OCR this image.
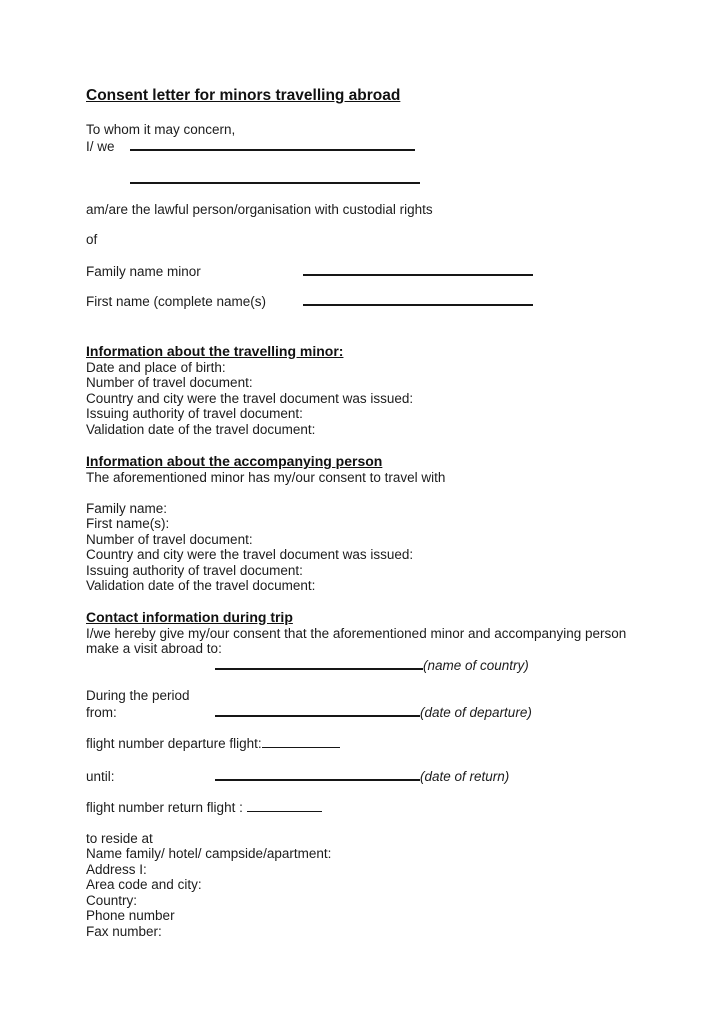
Consent letter for minors travelling abroad
To whom it may concern,
I/ we
am/are the lawful person/organisation with custodial rights
of
Family name minor
First name (complete name(s)
Information about the travelling minor:
Date and place of birth:
Number of travel document:
Country and city were the travel document was issued:
Issuing authority of travel document:
Validation date of the travel document:
Information about the accompanying person
The aforementioned minor has my/our consent to travel with
Family name:
First name(s):
Number of travel document:
Country and city were the travel document was issued:
Issuing authority of travel document:
Validation date of the travel document:
Contact information during trip
I/we hereby give my/our consent that the aforementioned minor and accompanying person make a visit abroad to:
(name of country)
During the period
from:	(date of departure)
flight number departure flight:
until:	(date of return)
flight number return flight :
to reside at
Name family/ hotel/ campside/apartment:
Address I:
Area code and city:
Country:
Phone number
Fax number:
